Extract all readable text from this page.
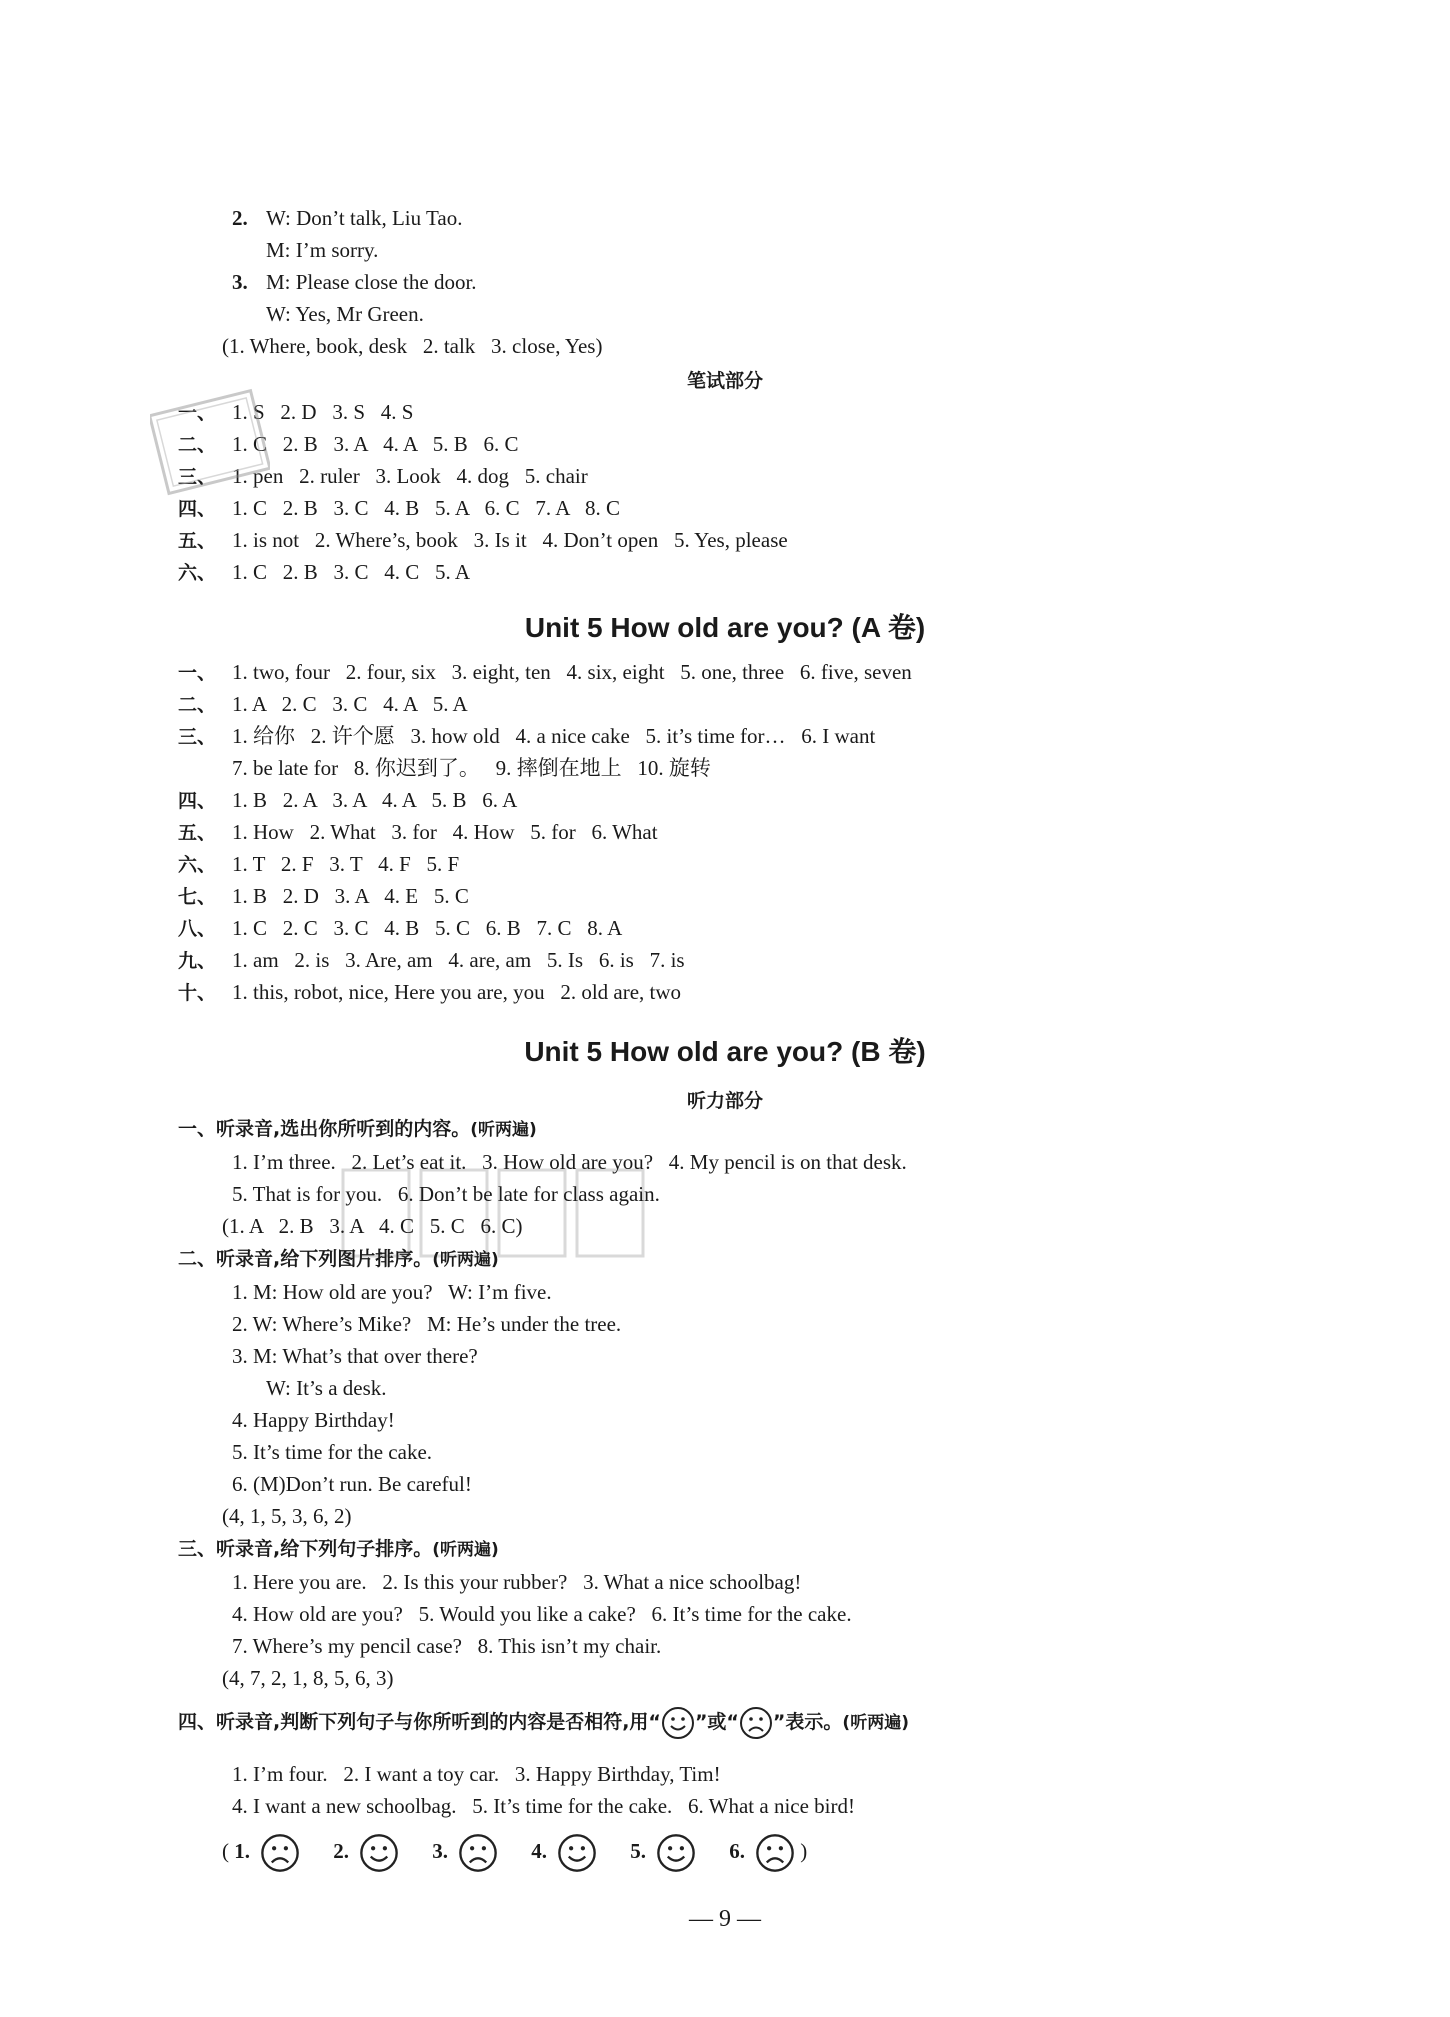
2. W: Don’t talk, Liu Tao.
M: I’m sorry.
3. M: Please close the door.
W: Yes, Mr Green.
(1. Where, book, desk   2. talk   3. close, Yes)
笔试部分
一、 1. S   2. D   3. S   4. S
二、 1. C   2. B   3. A   4. A   5. B   6. C
三、 1. pen   2. ruler   3. Look   4. dog   5. chair
四、 1. C   2. B   3. C   4. B   5. A   6. C   7. A   8. C
五、 1. is not   2. Where’s, book   3. Is it   4. Don’t open   5. Yes, please
六、 1. C   2. B   3. C   4. C   5. A
Unit 5 How old are you? (A 卷)
一、 1. two, four   2. four, six   3. eight, ten   4. six, eight   5. one, three   6. five, seven
二、 1. A   2. C   3. C   4. A   5. A
三、 1. 给你   2. 许个愿   3. how old   4. a nice cake   5. it’s time for…   6. I want
7. be late for   8. 你迟到了。   9. 摔倒在地上   10. 旋转
四、 1. B   2. A   3. A   4. A   5. B   6. A
五、 1. How   2. What   3. for   4. How   5. for   6. What
六、 1. T   2. F   3. T   4. F   5. F
七、 1. B   2. D   3. A   4. E   5. C
八、 1. C   2. C   3. C   4. B   5. C   6. B   7. C   8. A
九、 1. am   2. is   3. Are, am   4. are, am   5. Is   6. is   7. is
十、 1. this, robot, nice, Here you are, you   2. old are, two
Unit 5 How old are you? (B 卷)
听力部分
一、听录音,选出你所听到的内容。(听两遍)
1. I’m three.   2. Let’s eat it.   3. How old are you?   4. My pencil is on that desk.
5. That is for you.   6. Don’t be late for class again.
(1. A   2. B   3. A   4. C   5. C   6. C)
二、听录音,给下列图片排序。(听两遍)
1. M: How old are you?   W: I’m five.
2. W: Where’s Mike?   M: He’s under the tree.
3. M: What’s that over there?
W: It’s a desk.
4. Happy Birthday!
5. It’s time for the cake.
6. (M)Don’t run. Be careful!
(4, 1, 5, 3, 6, 2)
三、听录音,给下列句子排序。(听两遍)
1. Here you are.   2. Is this your rubber?   3. What a nice schoolbag!
4. How old are you?   5. Would you like a cake?   6. It’s time for the cake.
7. Where’s my pencil case?   8. This isn’t my chair.
(4, 7, 2, 1, 8, 5, 6, 3)
四、听录音,判断下列句子与你所听到的内容是否相符,用“ ”或“ ”表示。(听两遍)
1. I’m four.   2. I want a toy car.   3. Happy Birthday, Tim!
4. I want a new schoolbag.   5. It’s time for the cake.   6. What a nice bird!
( 1.	2.	3.	4.	5.	6.	)
— 9 —
